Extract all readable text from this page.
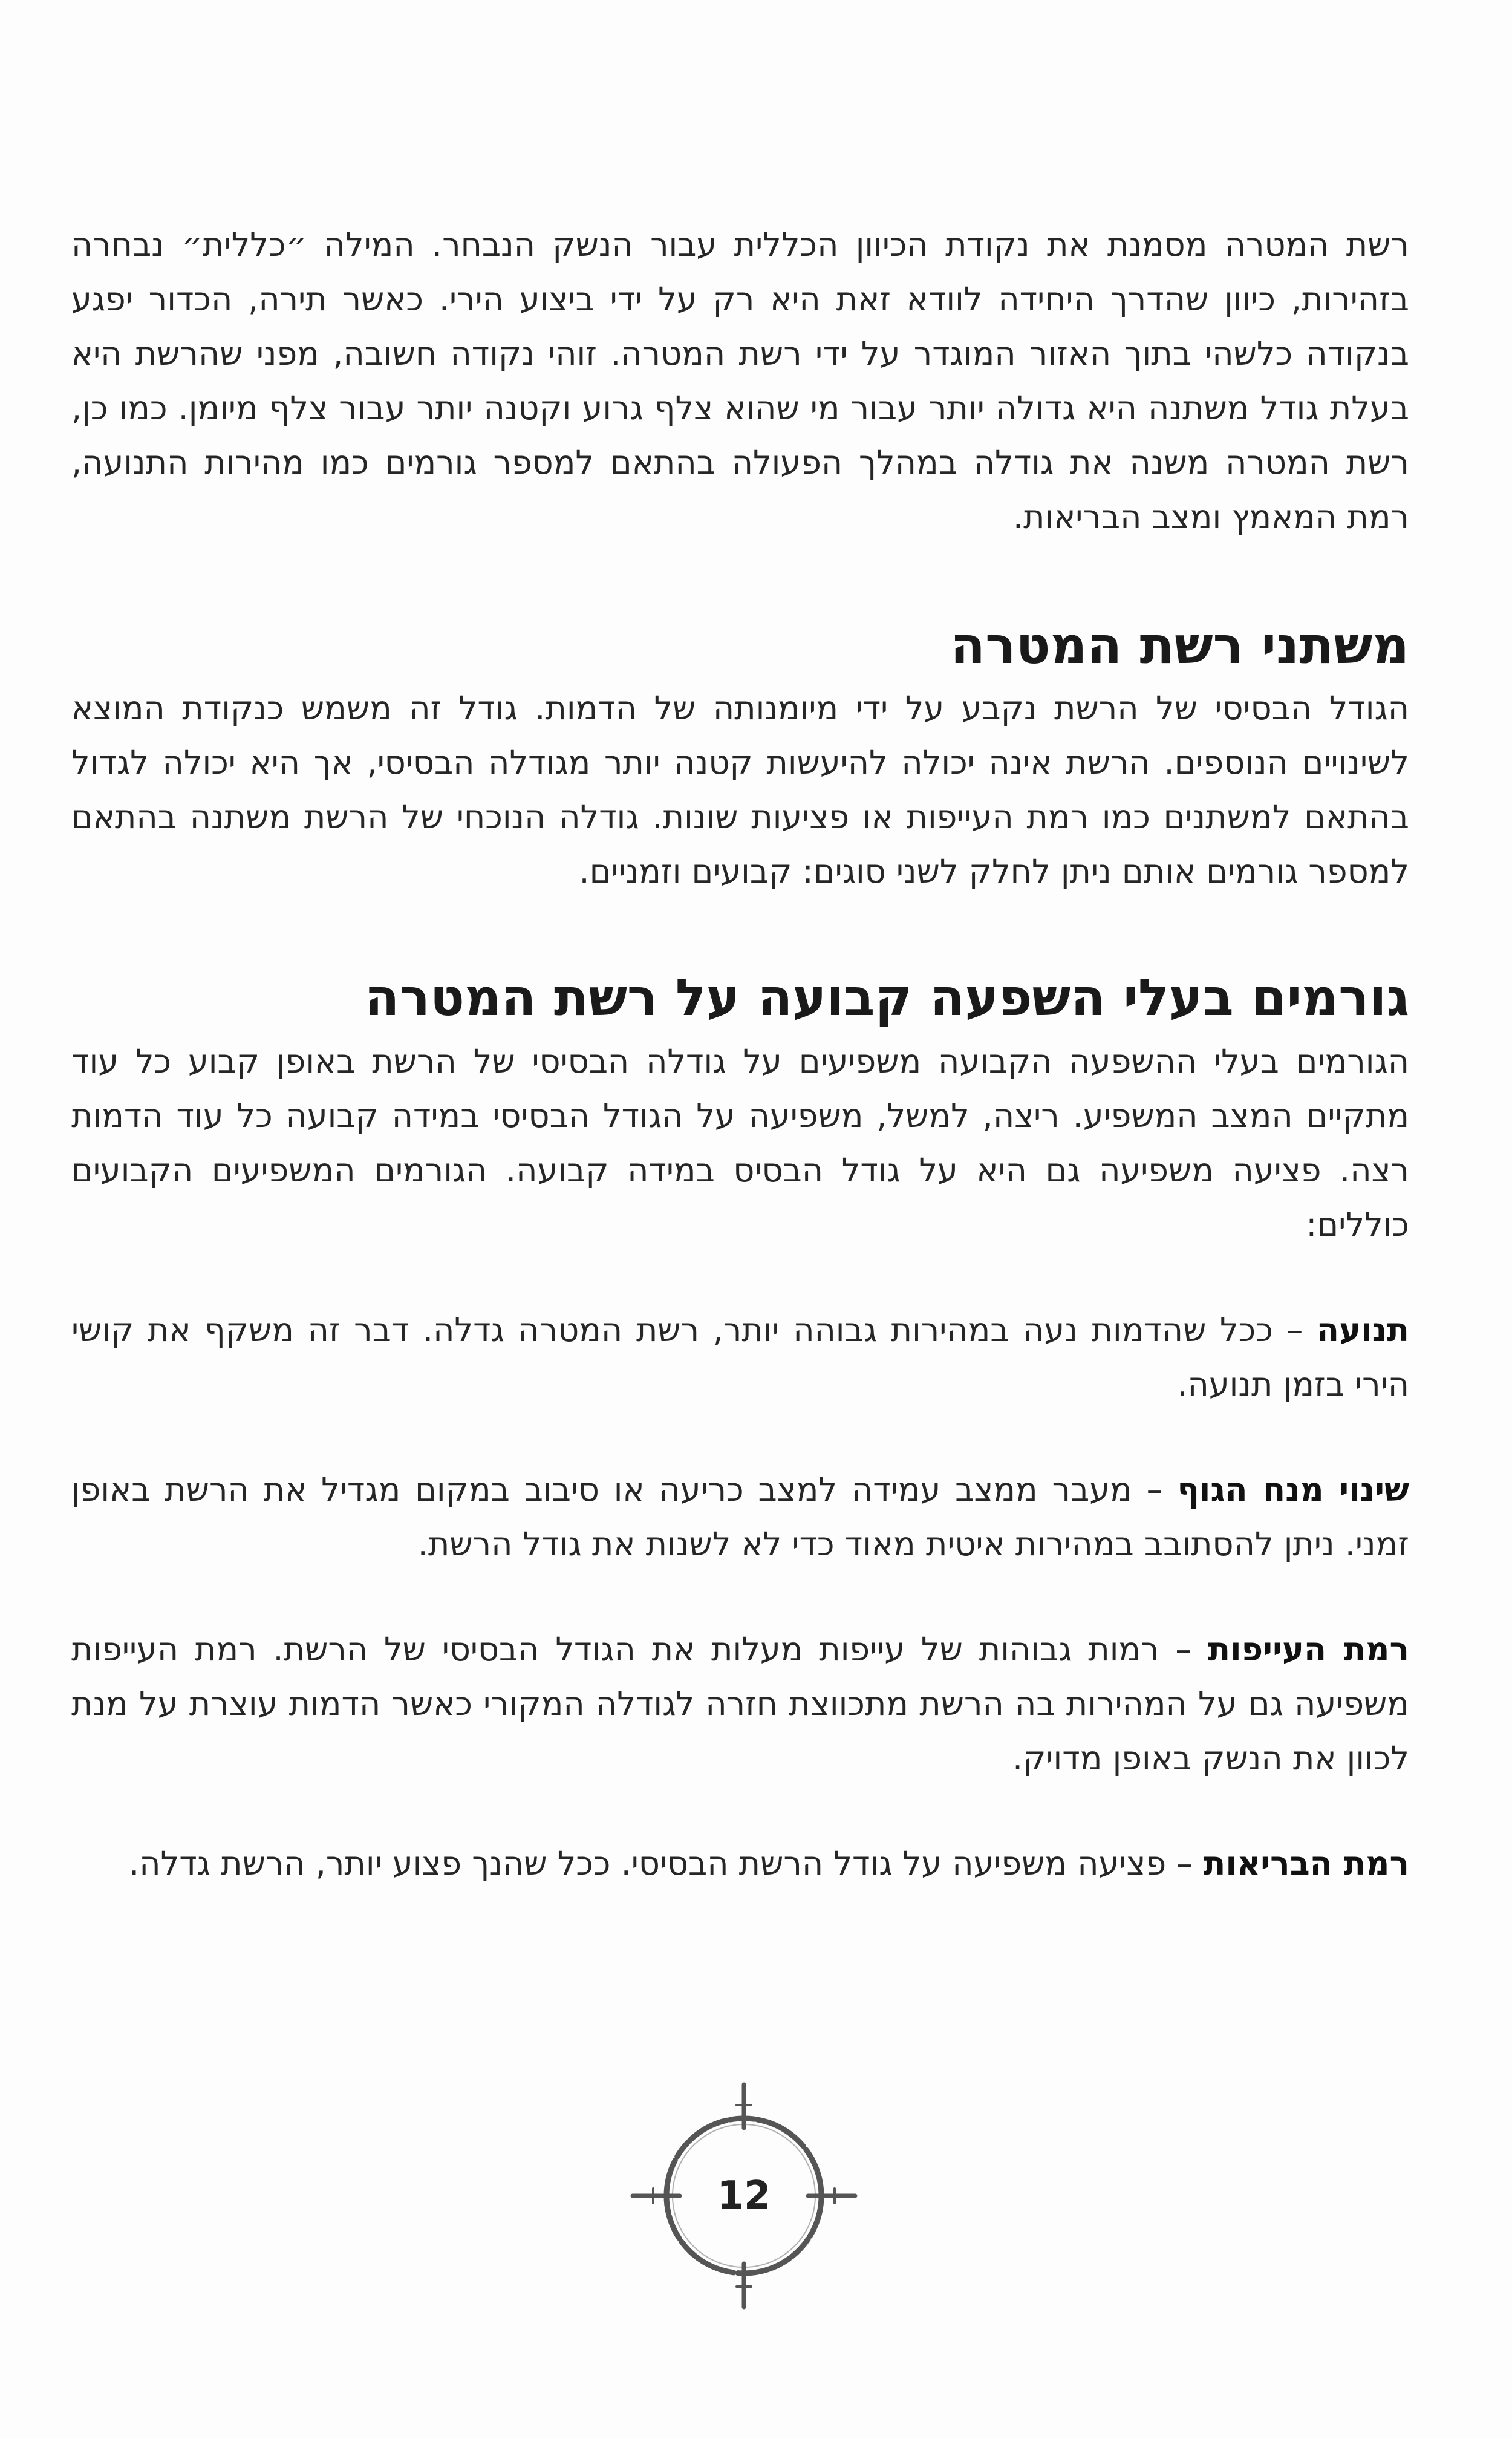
רשת המטרה מסמנת את נקודת הכיוון הכללית עבור הנשק הנבחר. המילה ״כללית״ נבחרה בזהירות, כיוון שהדרך היחידה לוודא זאת היא רק על ידי ביצוע הירי. כאשר תירה, הכדור יפגע בנקודה כלשהי בתוך האזור המוגדר על ידי רשת המטרה. זוהי נקודה חשובה, מפני שהרשת היא בעלת גודל משתנה היא גדולה יותר עבור מי שהוא צלף גרוע וקטנה יותר עבור צלף מיומן. כמו כן, רשת המטרה משנה את גודלה במהלך הפעולה בהתאם למספר גורמים כמו מהירות התנועה, רמת המאמץ ומצב הבריאות.

משתני רשת המטרה

הגודל הבסיסי של הרשת נקבע על ידי מיומנותה של הדמות. גודל זה משמש כנקודת המוצא לשינויים הנוספים. הרשת אינה יכולה להיעשות קטנה יותר מגודלה הבסיסי, אך היא יכולה לגדול בהתאם למשתנים כמו רמת העייפות או פציעות שונות. גודלה הנוכחי של הרשת משתנה בהתאם למספר גורמים אותם ניתן לחלק לשני סוגים: קבועים וזמניים.

גורמים בעלי השפעה קבועה על רשת המטרה

הגורמים בעלי ההשפעה הקבועה משפיעים על גודלה הבסיסי של הרשת באופן קבוע כל עוד מתקיים המצב המשפיע. ריצה, למשל, משפיעה על הגודל הבסיסי במידה קבועה כל עוד הדמות רצה. פציעה משפיעה גם היא על גודל הבסיס במידה קבועה. הגורמים המשפיעים הקבועים כוללים:

תנועה – ככל שהדמות נעה במהירות גבוהה יותר, רשת המטרה גדלה. דבר זה משקף את קושי הירי בזמן תנועה.

שינוי מנח הגוף – מעבר ממצב עמידה למצב כריעה או סיבוב במקום מגדיל את הרשת באופן זמני. ניתן להסתובב במהירות איטית מאוד כדי לא לשנות את גודל הרשת.

רמת העייפות – רמות גבוהות של עייפות מעלות את הגודל הבסיסי של הרשת. רמת העייפות משפיעה גם על המהירות בה הרשת מתכווצת חזרה לגודלה המקורי כאשר הדמות עוצרת על מנת לכוון את הנשק באופן מדויק.

רמת הבריאות – פציעה משפיעה על גודל הרשת הבסיסי. ככל שהנך פצוע יותר, הרשת גדלה.

12
